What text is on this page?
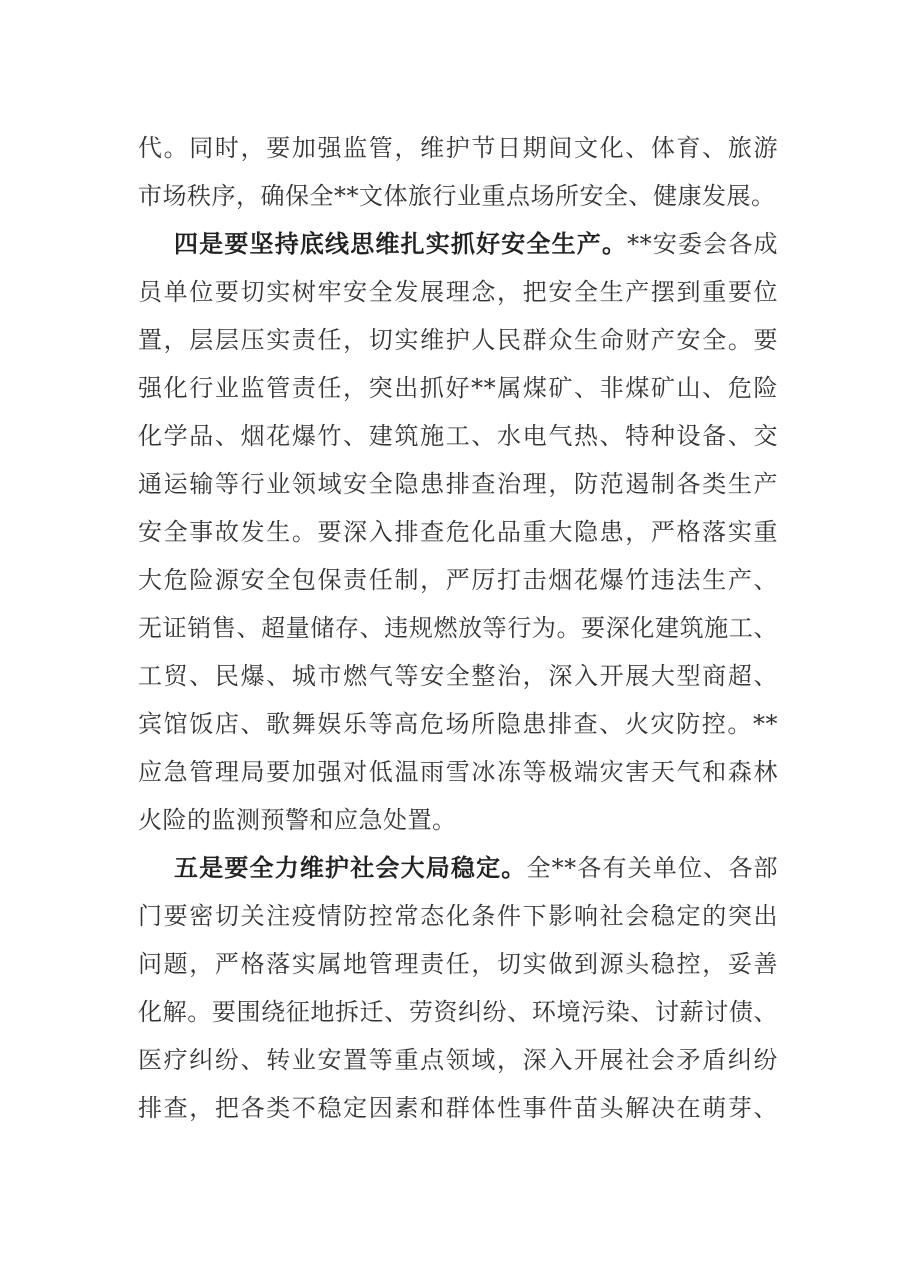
代。同时，要加强监管，维护节日期间文化、体育、旅游
市场秩序，确保全**文体旅行业重点场所安全、健康发展。
四是要坚持底线思维扎实抓好安全生产。**安委会各成
员单位要切实树牢安全发展理念，把安全生产摆到重要位
置，层层压实责任，切实维护人民群众生命财产安全。要
强化行业监管责任，突出抓好**属煤矿、非煤矿山、危险
化学品、烟花爆竹、建筑施工、水电气热、特种设备、交
通运输等行业领域安全隐患排查治理，防范遏制各类生产
安全事故发生。要深入排查危化品重大隐患，严格落实重
大危险源安全包保责任制，严厉打击烟花爆竹违法生产、
无证销售、超量储存、违规燃放等行为。要深化建筑施工、
工贸、民爆、城市燃气等安全整治，深入开展大型商超、
宾馆饭店、歌舞娱乐等高危场所隐患排查、火灾防控。**
应急管理局要加强对低温雨雪冰冻等极端灾害天气和森林
火险的监测预警和应急处置。
五是要全力维护社会大局稳定。全**各有关单位、各部
门要密切关注疫情防控常态化条件下影响社会稳定的突出
问题，严格落实属地管理责任，切实做到源头稳控，妥善
化解。要围绕征地拆迁、劳资纠纷、环境污染、讨薪讨债、
医疗纠纷、转业安置等重点领域，深入开展社会矛盾纠纷
排查，把各类不稳定因素和群体性事件苗头解决在萌芽、
